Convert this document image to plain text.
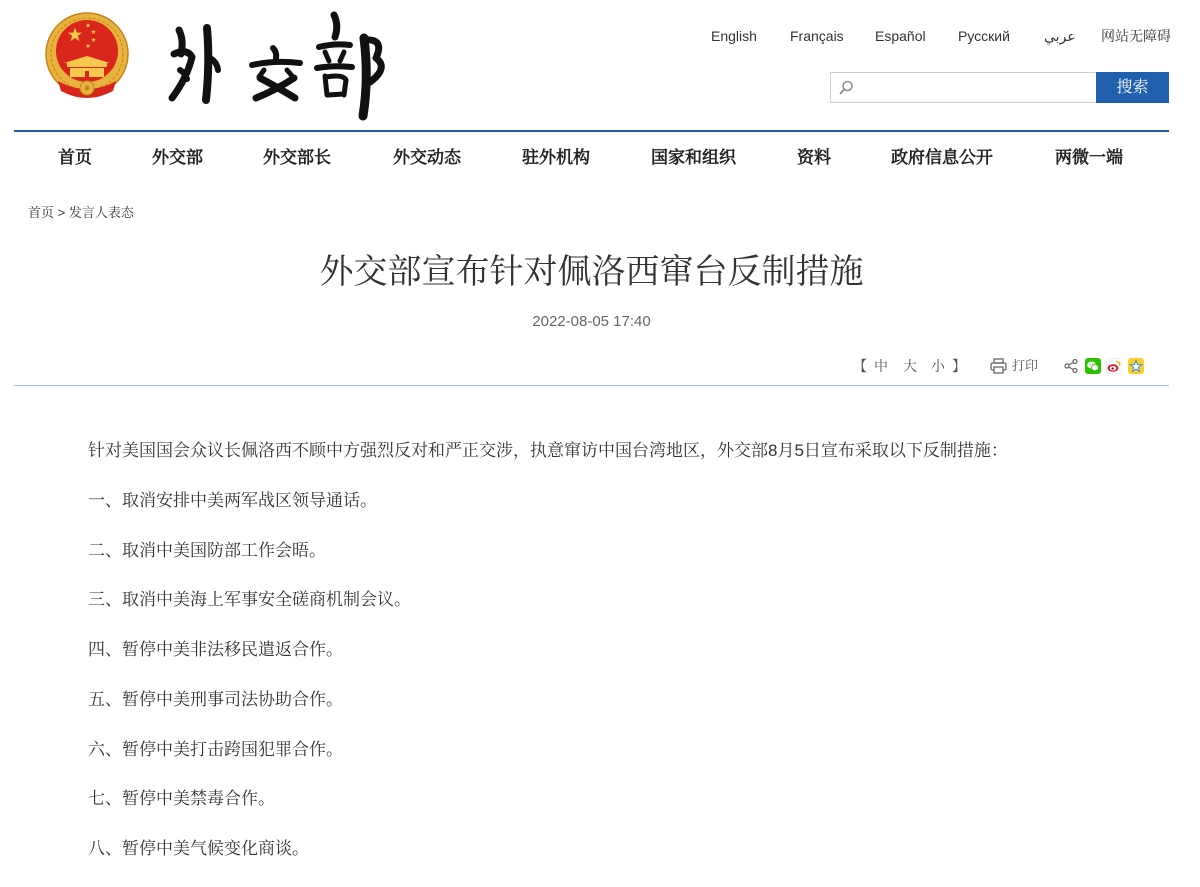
English Français Español Русский عربي 网站无障碍
搜索
首页	外交部	外交部长	外交动态	驻外机构	国家和组织	资料	政府信息公开	两微一端
首页 > 发言人表态
外交部宣布针对佩洛西窜台反制措施
2022-08-05 17:40
【 中 大 小 】	打印

针对美国国会众议长佩洛西不顾中方强烈反对和严正交涉，执意窜访中国台湾地区，外交部8月5日宣布采取以下反制措施：

一、取消安排中美两军战区领导通话。

二、取消中美国防部工作会晤。

三、取消中美海上军事安全磋商机制会议。

四、暂停中美非法移民遣返合作。

五、暂停中美刑事司法协助合作。

六、暂停中美打击跨国犯罪合作。

七、暂停中美禁毒合作。

八、暂停中美气候变化商谈。
